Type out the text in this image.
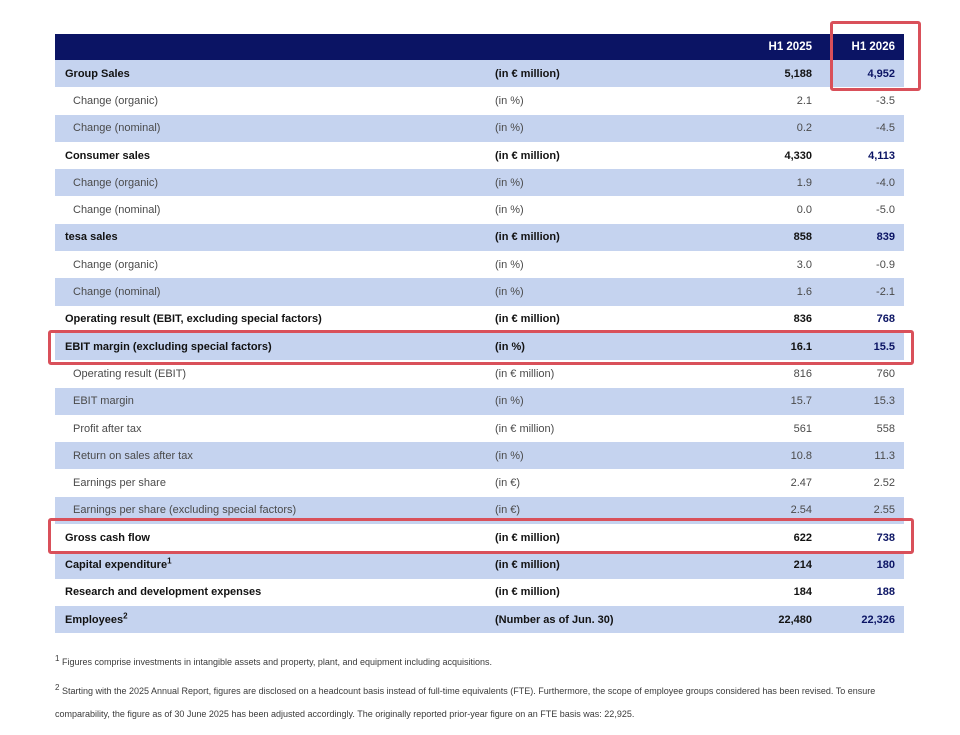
		H1 2025	H1 2026
Group Sales	(in € million)	5,188	4,952
Change (organic)	(in %)	2.1	-3.5
Change (nominal)	(in %)	0.2	-4.5
Consumer sales	(in € million)	4,330	4,113
Change (organic)	(in %)	1.9	-4.0
Change (nominal)	(in %)	0.0	-5.0
tesa sales	(in € million)	858	839
Change (organic)	(in %)	3.0	-0.9
Change (nominal)	(in %)	1.6	-2.1
Operating result (EBIT, excluding special factors)	(in € million)	836	768
EBIT margin (excluding special factors)	(in %)	16.1	15.5
Operating result (EBIT)	(in € million)	816	760
EBIT margin	(in %)	15.7	15.3
Profit after tax	(in € million)	561	558
Return on sales after tax	(in %)	10.8	11.3
Earnings per share	(in €)	2.47	2.52
Earnings per share (excluding special factors)	(in €)	2.54	2.55
Gross cash flow	(in € million)	622	738
Capital expenditure$^1$	(in € million)	214	180
Research and development expenses	(in € million)	184	188
Employees$^2$	(Number as of Jun. 30)	22,480	22,326
$^1$ Figures comprise investments in intangible assets and property, plant, and equipment including acquisitions.
$^2$ Starting with the 2025 Annual Report, figures are disclosed on a headcount basis instead of full-time equivalents (FTE). Furthermore, the scope of employee groups considered has been revised. To ensure comparability, the figure as of 30 June 2025 has been adjusted accordingly. The originally reported prior-year figure on an FTE basis was: 22,925.
